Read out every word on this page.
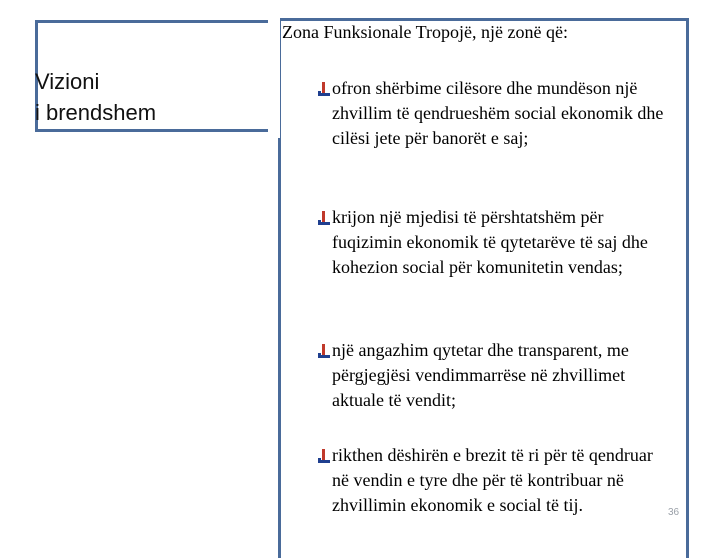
Zona Funksionale Tropojë, një zonë që:

Vizioni
i brendshem

ofron shërbime cilësore dhe mundëson një zhvillim të qendrueshëm social ekonomik dhe cilësi jete për banorët e saj;
krijon një mjedisi të përshtatshëm për fuqizimin ekonomik të qytetarëve të saj dhe kohezion social për komunitetin vendas;
një angazhim qytetar dhe transparent, me përgjegjësi vendimmarrëse në zhvillimet aktuale të vendit;
rikthen dëshirën e brezit të ri për të qendruar në vendin e tyre dhe për të kontribuar në zhvillimin ekonomik e social të tij.	36
